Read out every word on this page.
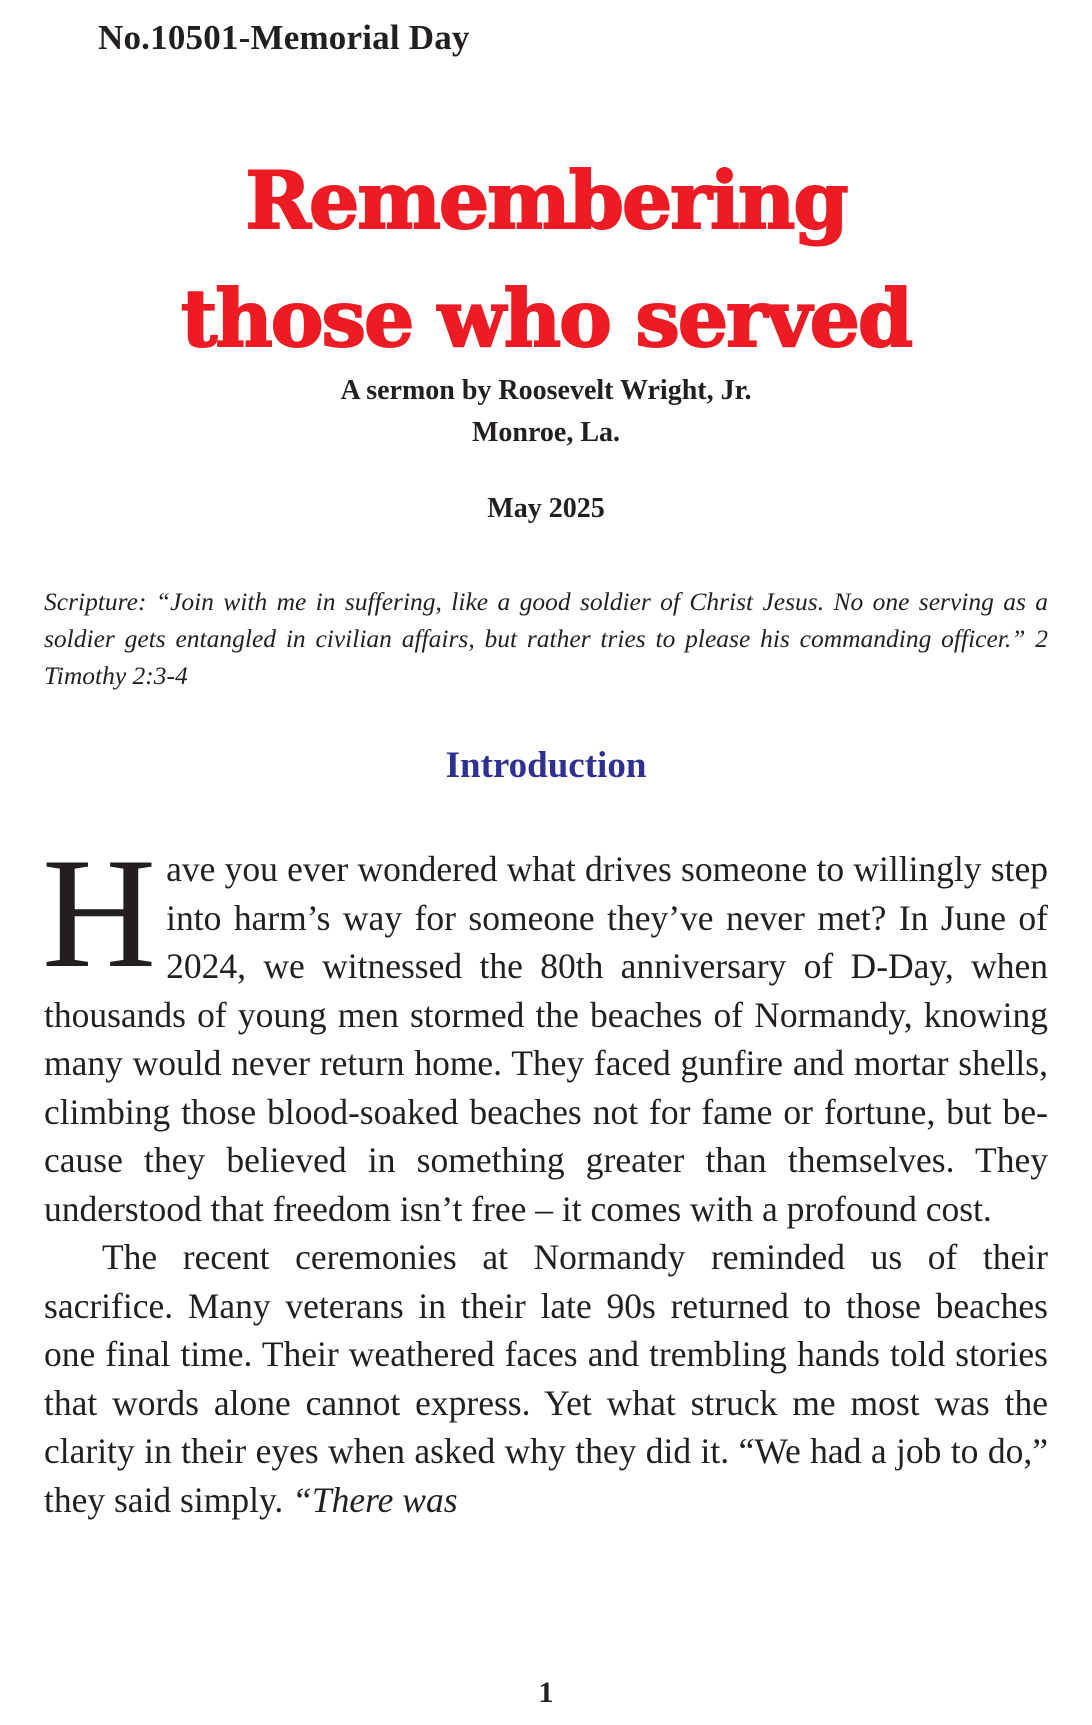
No.10501-Memorial Day
Remembering
those who served
A sermon by Roosevelt Wright, Jr.
Monroe, La.
May 2025
Scripture: “Join with me in suffering, like a good soldier of Christ Jesus. No one serving as a soldier gets entangled in civilian affairs, but rather tries to please his commanding officer.” 2 Timothy 2:3-4
Introduction

Have you ever wondered what drives someone to willingly step into harm’s way for someone they’ve never met? In June of 2024, we witnessed the 80th anniversary of D-Day, when thousands of young men stormed the beaches of Normandy, knowing many would never return home. They faced gunfire and mortar shells, climbing those blood-soaked beaches not for fame or fortune, but because they believed in something greater than themselves. They understood that freedom isn’t free – it comes with a profound cost.

The recent ceremonies at Normandy reminded us of their sacrifice. Many veterans in their late 90s returned to those beaches one final time. Their weathered faces and trembling hands told stories that words alone cannot express. Yet what struck me most was the clarity in their eyes when asked why they did it. “We had a job to do,” they said simply. “There was

1
